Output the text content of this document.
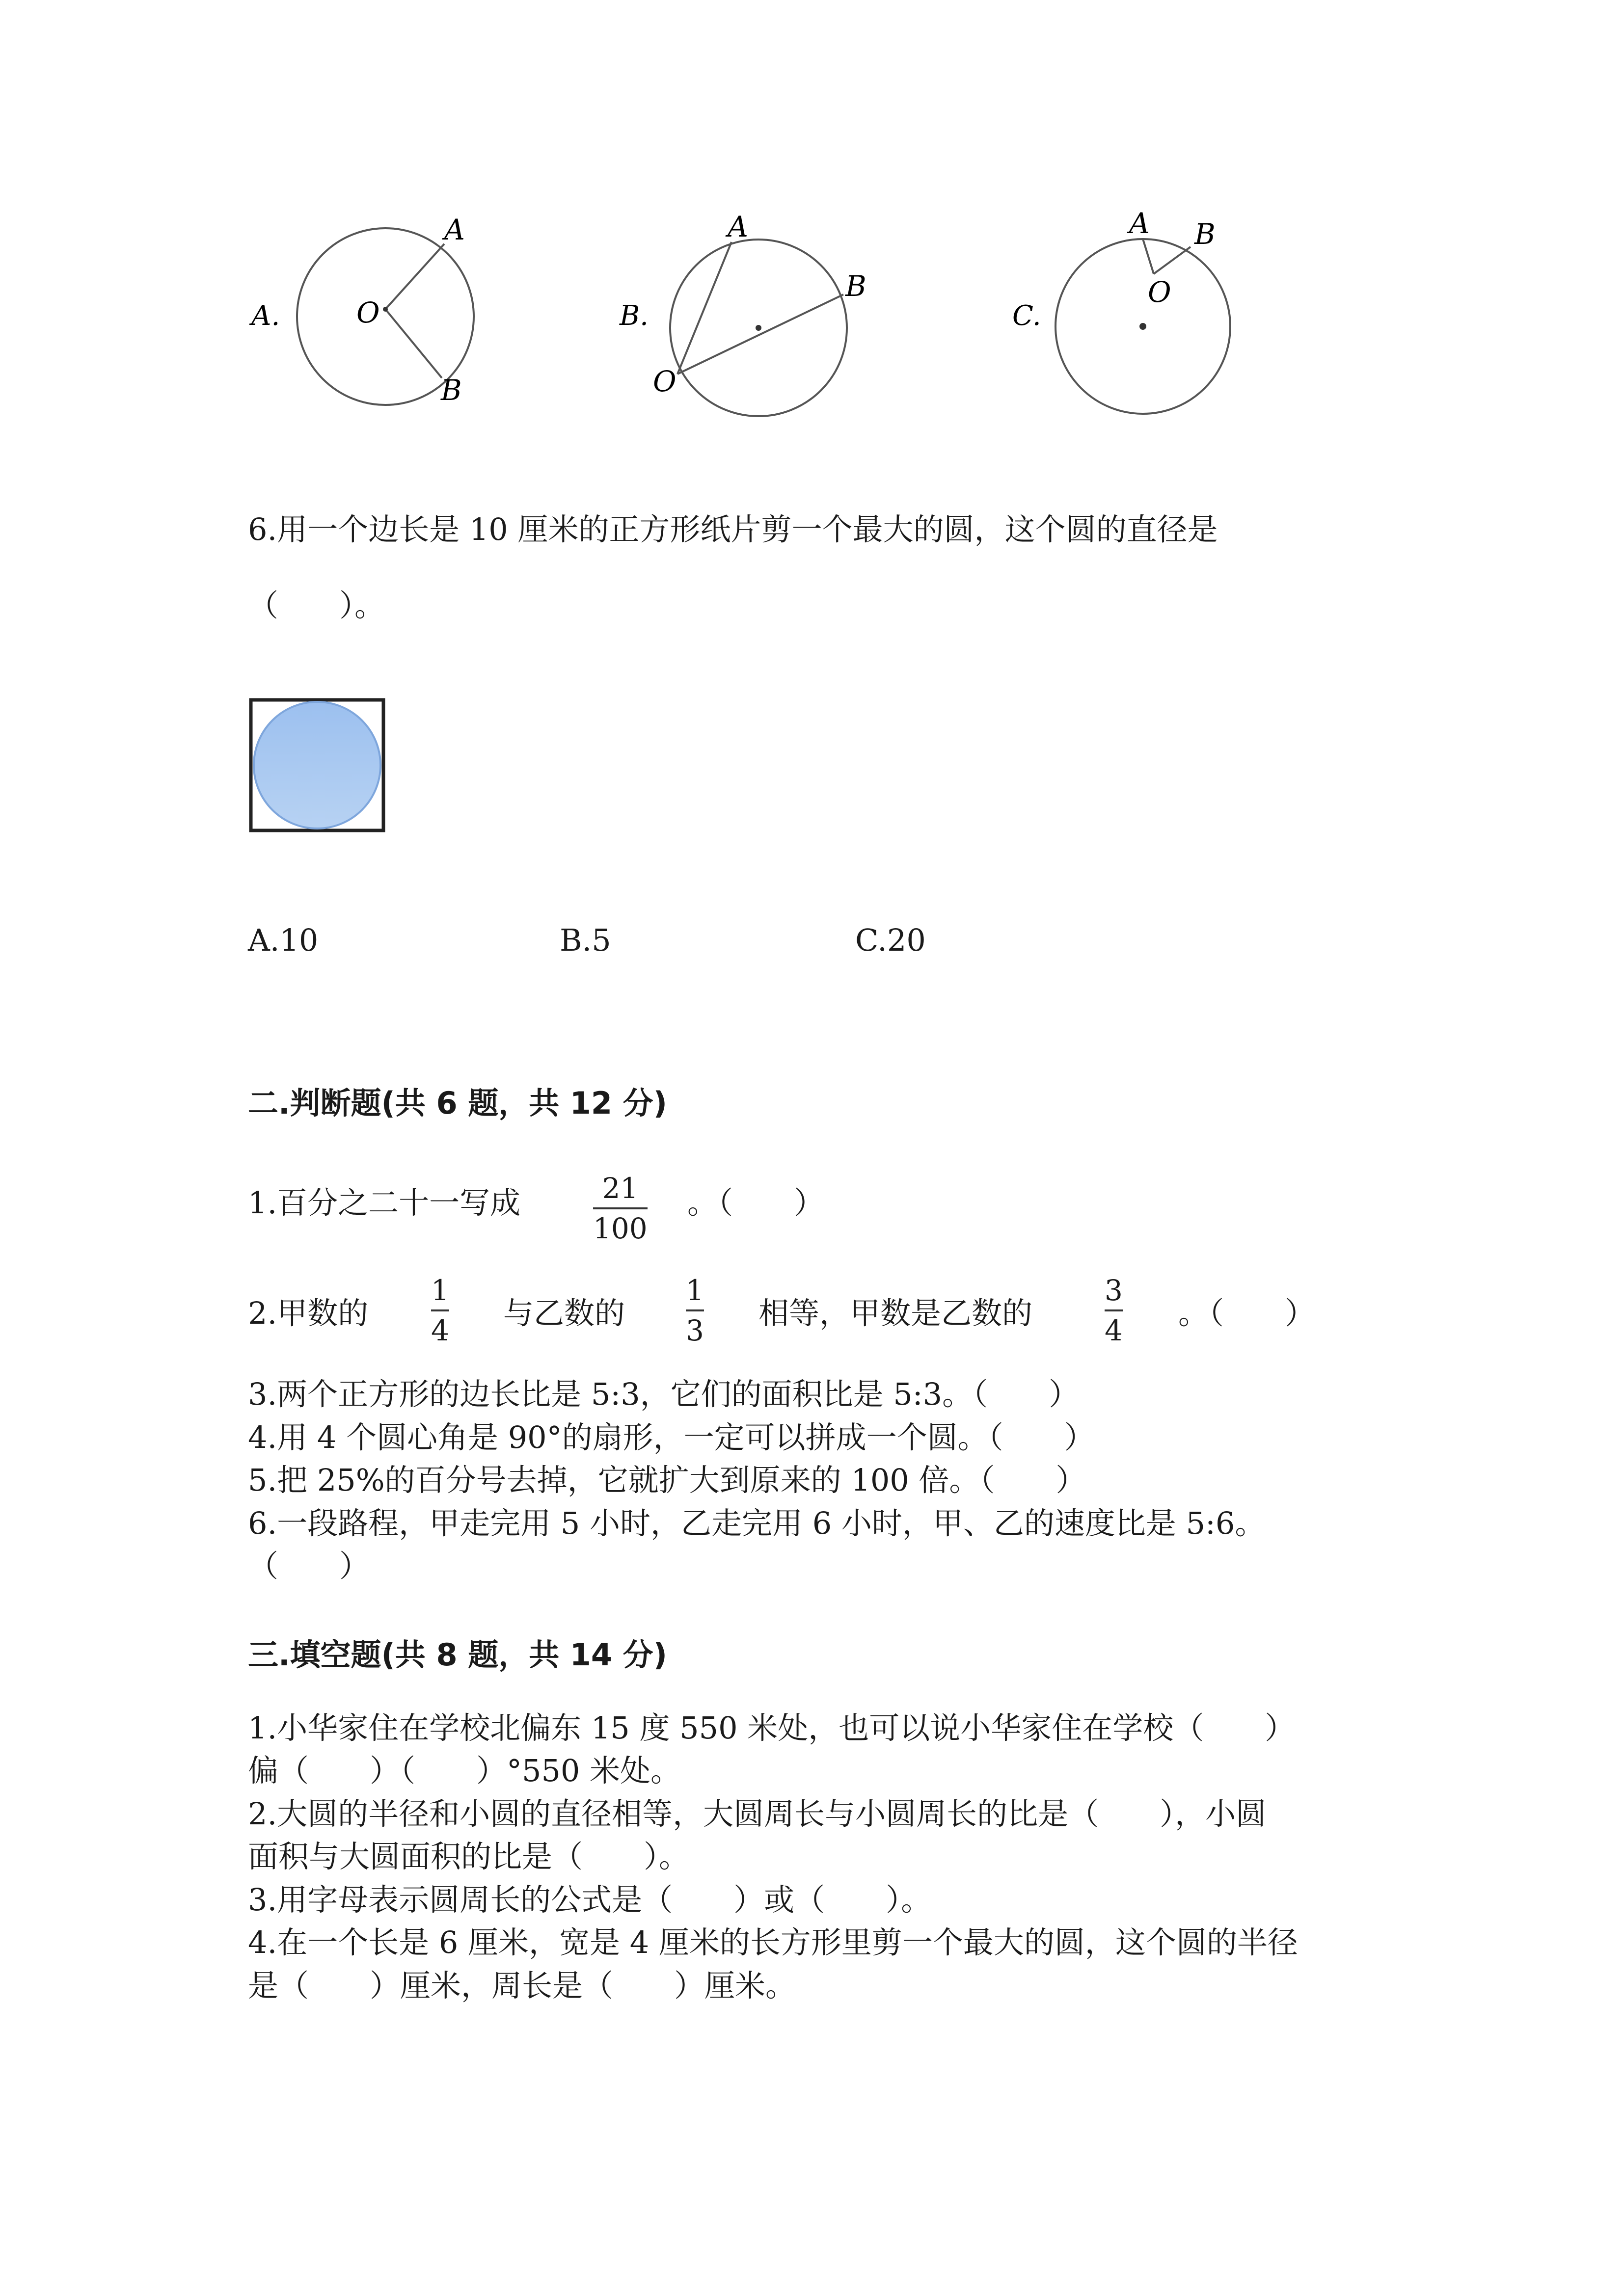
A.
A
B
O	B.
A
B
O
C.
A B
O
6.用一个边长是 10 厘米的正方形纸片剪一个最大的圆，这个圆的直径是
（　　）。
A.10	B.5	C.20
二.判断题(共 6 题，共 12 分)
1.百分之二十一写成	21
100
。（　　）
2.甲数的
1
4 与乙数的
1
3 相等，甲数是乙数的
3
4 。（　　）
3.两个正方形的边长比是 5:3，它们的面积比是 5:3。（　　）
4.用 4 个圆心角是 90°的扇形，一定可以拼成一个圆。（　　）
5.把 25%的百分号去掉，它就扩大到原来的 100 倍。（　　）
6.一段路程，甲走完用 5 小时，乙走完用 6 小时，甲、乙的速度比是 5:6。
（　　）
三.填空题(共 8 题，共 14 分)
1.小华家住在学校北偏东 15 度 550 米处，也可以说小华家住在学校（　　）
偏（　　）（　　）°550 米处。
2.大圆的半径和小圆的直径相等，大圆周长与小圆周长的比是（　　），小圆
面积与大圆面积的比是（　　）。
3.用字母表示圆周长的公式是（　　）或（　　）。
4.在一个长是 6 厘米，宽是 4 厘米的长方形里剪一个最大的圆，这个圆的半径
是（　　）厘米，周长是（　　）厘米。
